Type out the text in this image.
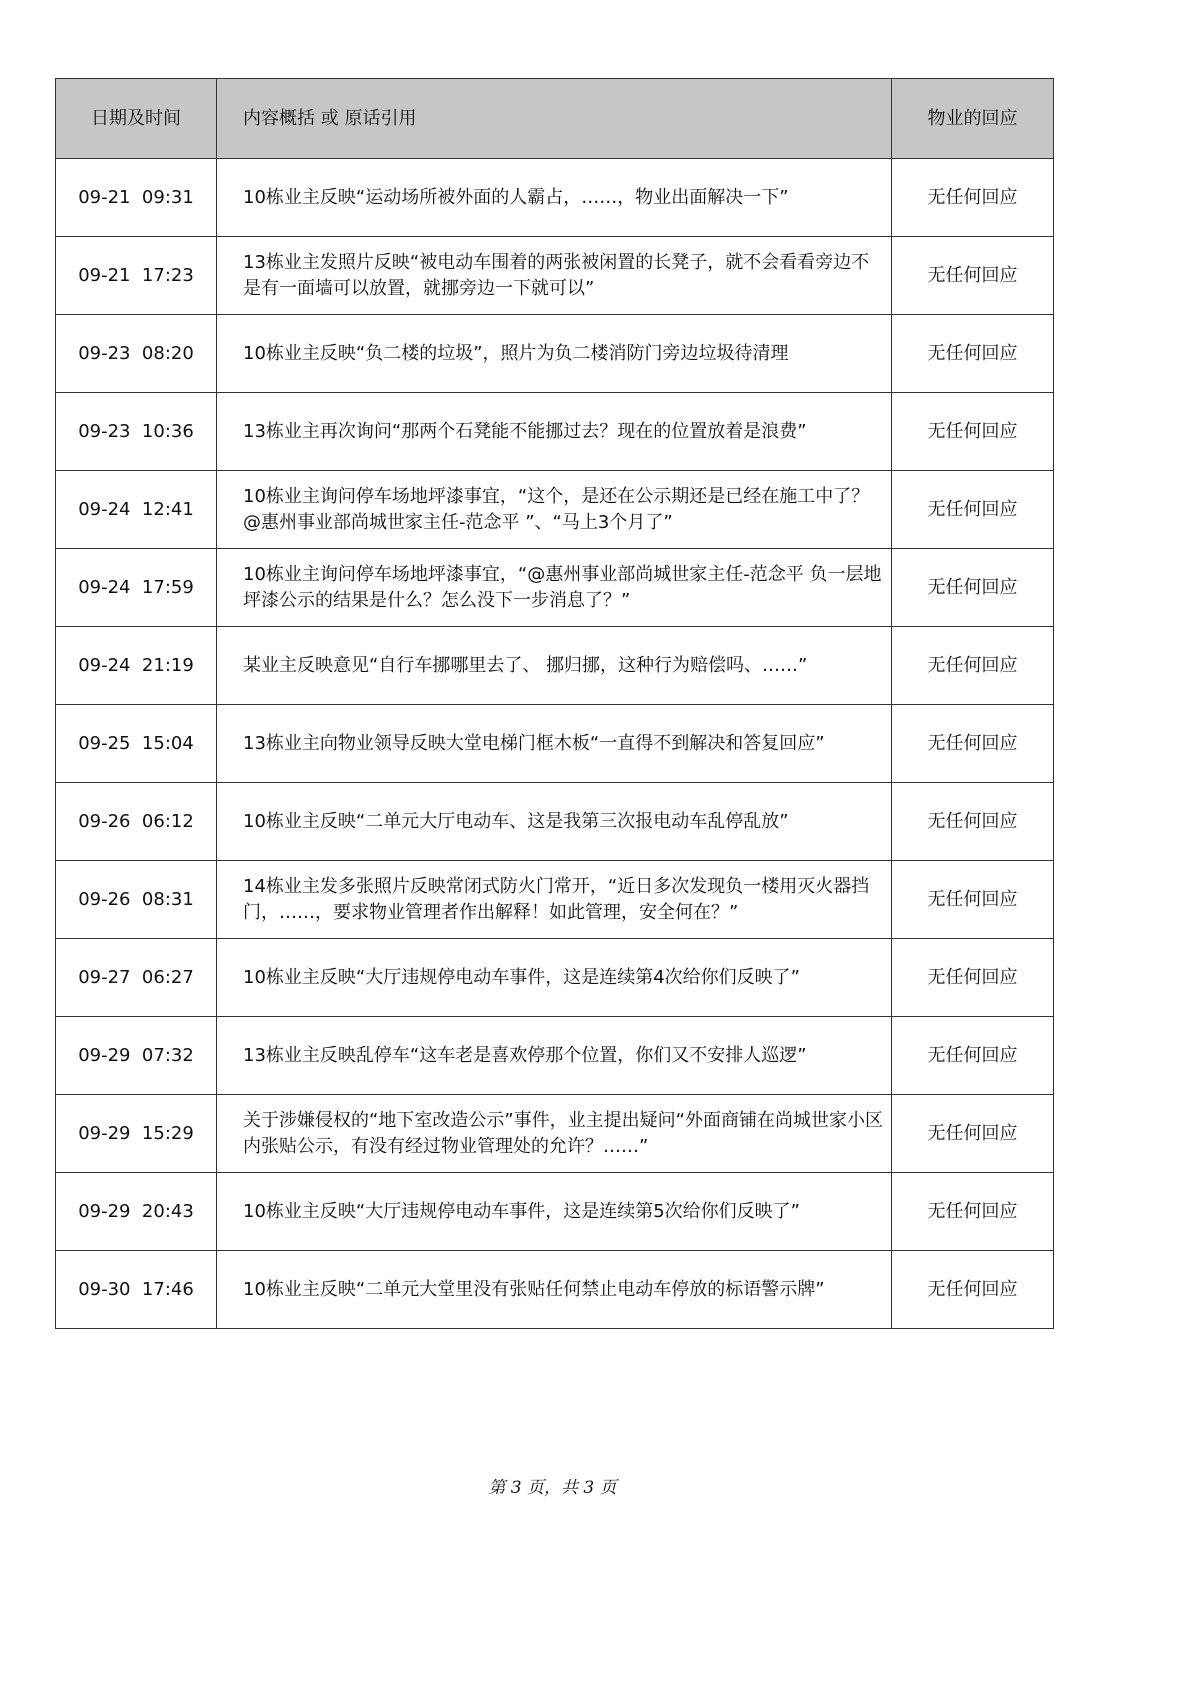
日期及时间	内容概括 或 原话引用	物业的回应
09-21  09:31	10栋业主反映“运动场所被外面的人霸占，……，物业出面解决一下”	无任何回应
09-21  17:23	13栋业主发照片反映“被电动车围着的两张被闲置的长凳子，就不会看看旁边不是有一面墙可以放置，就挪旁边一下就可以”	无任何回应
09-23  08:20	10栋业主反映“负二楼的垃圾”，照片为负二楼消防门旁边垃圾待清理	无任何回应
09-23  10:36	13栋业主再次询问“那两个石凳能不能挪过去？现在的位置放着是浪费”	无任何回应
09-24  12:41	10栋业主询问停车场地坪漆事宜，“这个，是还在公示期还是已经在施工中了？@惠州事业部尚城世家主任-范念平 ”、“马上3个月了”	无任何回应
09-24  17:59	10栋业主询问停车场地坪漆事宜，“@惠州事业部尚城世家主任-范念平 负一层地坪漆公示的结果是什么？怎么没下一步消息了？”	无任何回应
09-24  21:19	某业主反映意见“自行车挪哪里去了、 挪归挪，这种行为赔偿吗、……”	无任何回应
09-25  15:04	13栋业主向物业领导反映大堂电梯门框木板“一直得不到解决和答复回应”	无任何回应
09-26  06:12	10栋业主反映“二单元大厅电动车、这是我第三次报电动车乱停乱放”	无任何回应
09-26  08:31	14栋业主发多张照片反映常闭式防火门常开，“近日多次发现负一楼用灭火器挡门，……，要求物业管理者作出解释！如此管理，安全何在？”	无任何回应
09-27  06:27	10栋业主反映“大厅违规停电动车事件，这是连续第4次给你们反映了”	无任何回应
09-29  07:32	13栋业主反映乱停车“这车老是喜欢停那个位置，你们又不安排人巡逻”	无任何回应
09-29  15:29	关于涉嫌侵权的“地下室改造公示”事件，业主提出疑问“外面商铺在尚城世家小区内张贴公示，有没有经过物业管理处的允许？……”	无任何回应
09-29  20:43	10栋业主反映“大厅违规停电动车事件，这是连续第5次给你们反映了”	无任何回应
09-30  17:46	10栋业主反映“二单元大堂里没有张贴任何禁止电动车停放的标语警示牌”	无任何回应
第 3 页，共 3 页
